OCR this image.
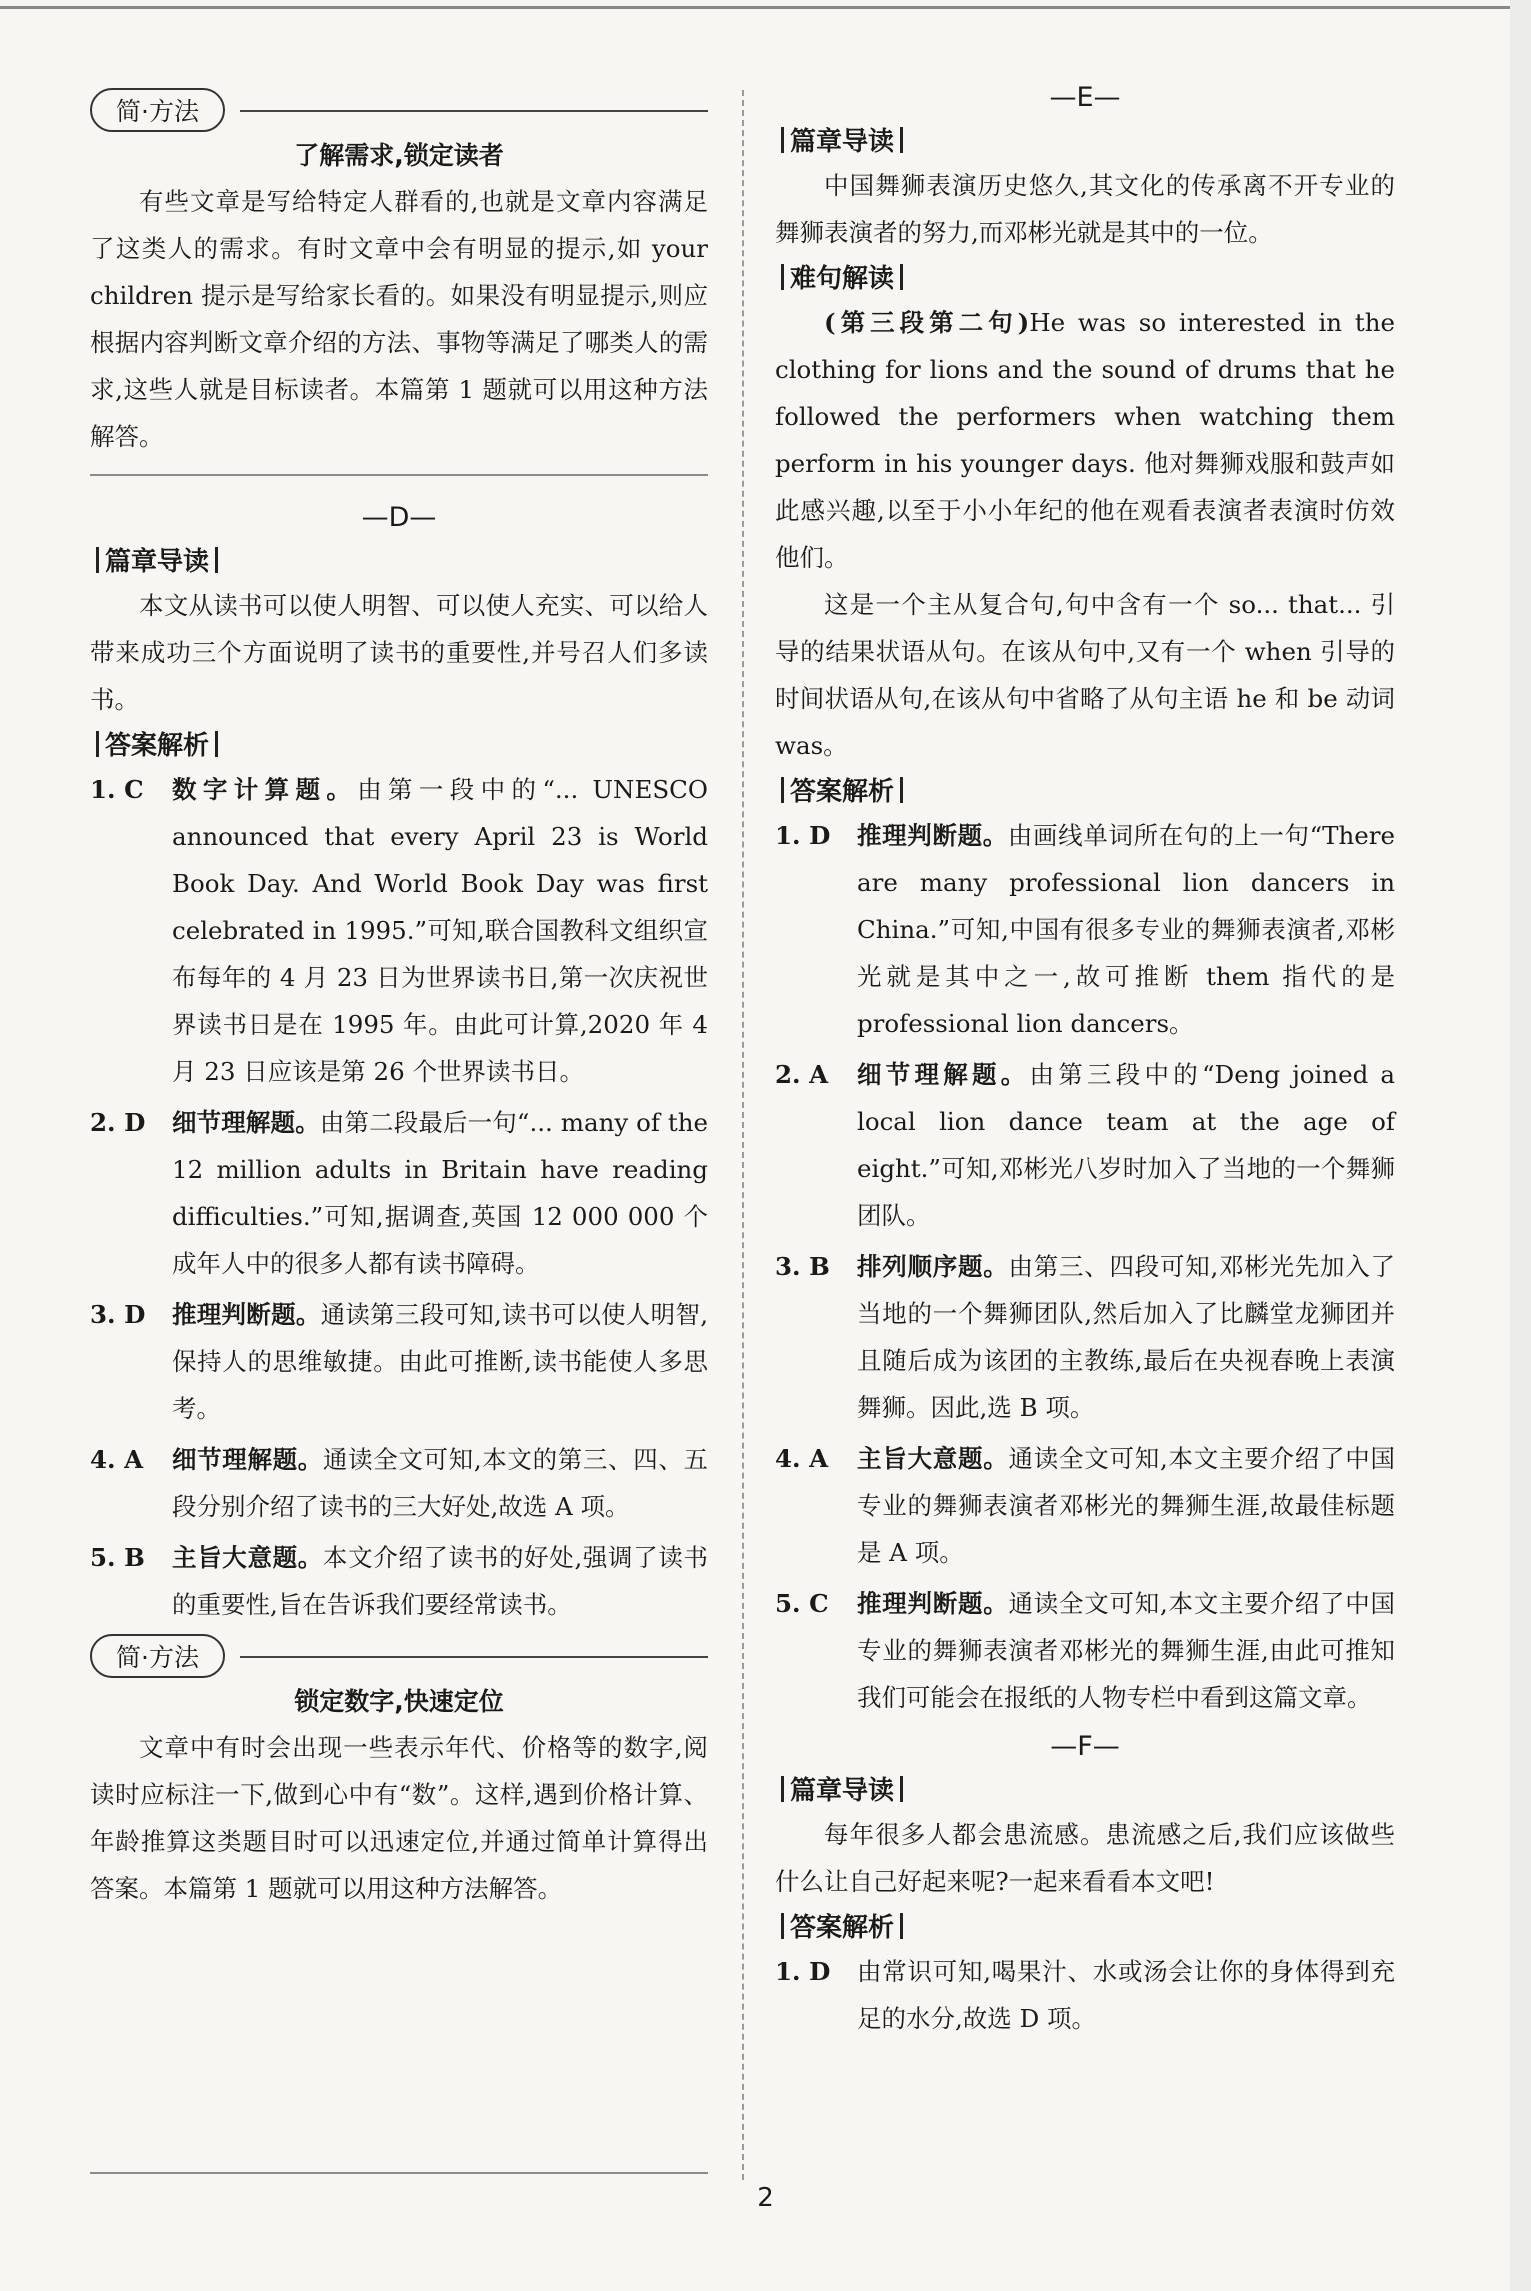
简·方法
了解需求,锁定读者

有些文章是写给特定人群看的,也就是文章内容满足了这类人的需求。有时文章中会有明显的提示,如 your children 提示是写给家长看的。如果没有明显提示,则应根据内容判断文章介绍的方法、事物等满足了哪类人的需求,这些人就是目标读者。本篇第 1 题就可以用这种方法解答。

—D—
篇章导读

本文从读书可以使人明智、可以使人充实、可以给人带来成功三个方面说明了读书的重要性,并号召人们多读书。

答案解析
1. C	数字计算题。由第一段中的“... UNESCO announced that every April 23 is World Book Day. And World Book Day was first celebrated in 1995.”可知,联合国教科文组织宣布每年的 4 月 23 日为世界读书日,第一次庆祝世界读书日是在 1995 年。由此可计算,2020 年 4 月 23 日应该是第 26 个世界读书日。
2. D	细节理解题。由第二段最后一句“... many of the 12 million adults in Britain have reading difficulties.”可知,据调查,英国 12 000 000 个成年人中的很多人都有读书障碍。
3. D	推理判断题。通读第三段可知,读书可以使人明智,保持人的思维敏捷。由此可推断,读书能使人多思考。
4. A	细节理解题。通读全文可知,本文的第三、四、五段分别介绍了读书的三大好处,故选 A 项。
5. B	主旨大意题。本文介绍了读书的好处,强调了读书的重要性,旨在告诉我们要经常读书。
简·方法
锁定数字,快速定位

文章中有时会出现一些表示年代、价格等的数字,阅读时应标注一下,做到心中有“数”。这样,遇到价格计算、年龄推算这类题目时可以迅速定位,并通过简单计算得出答案。本篇第 1 题就可以用这种方法解答。

—E—
篇章导读

中国舞狮表演历史悠久,其文化的传承离不开专业的舞狮表演者的努力,而邓彬光就是其中的一位。

难句解读

(第三段第二句)He was so interested in the clothing for lions and the sound of drums that he followed the performers when watching them perform in his younger days. 他对舞狮戏服和鼓声如此感兴趣,以至于小小年纪的他在观看表演者表演时仿效他们。

这是一个主从复合句,句中含有一个 so... that... 引导的结果状语从句。在该从句中,又有一个 when 引导的时间状语从句,在该从句中省略了从句主语 he 和 be 动词 was。

答案解析
1. D	推理判断题。由画线单词所在句的上一句“There are many professional lion dancers in China.”可知,中国有很多专业的舞狮表演者,邓彬光就是其中之一,故可推断 them 指代的是 professional lion dancers。
2. A	细节理解题。由第三段中的“Deng joined a local lion dance team at the age of eight.”可知,邓彬光八岁时加入了当地的一个舞狮团队。
3. B	排列顺序题。由第三、四段可知,邓彬光先加入了当地的一个舞狮团队,然后加入了比麟堂龙狮团并且随后成为该团的主教练,最后在央视春晚上表演舞狮。因此,选 B 项。
4. A	主旨大意题。通读全文可知,本文主要介绍了中国专业的舞狮表演者邓彬光的舞狮生涯,故最佳标题是 A 项。
5. C	推理判断题。通读全文可知,本文主要介绍了中国专业的舞狮表演者邓彬光的舞狮生涯,由此可推知我们可能会在报纸的人物专栏中看到这篇文章。
—F—
篇章导读

每年很多人都会患流感。患流感之后,我们应该做些什么让自己好起来呢?一起来看看本文吧!

答案解析
1. D	由常识可知,喝果汁、水或汤会让你的身体得到充足的水分,故选 D 项。
2
